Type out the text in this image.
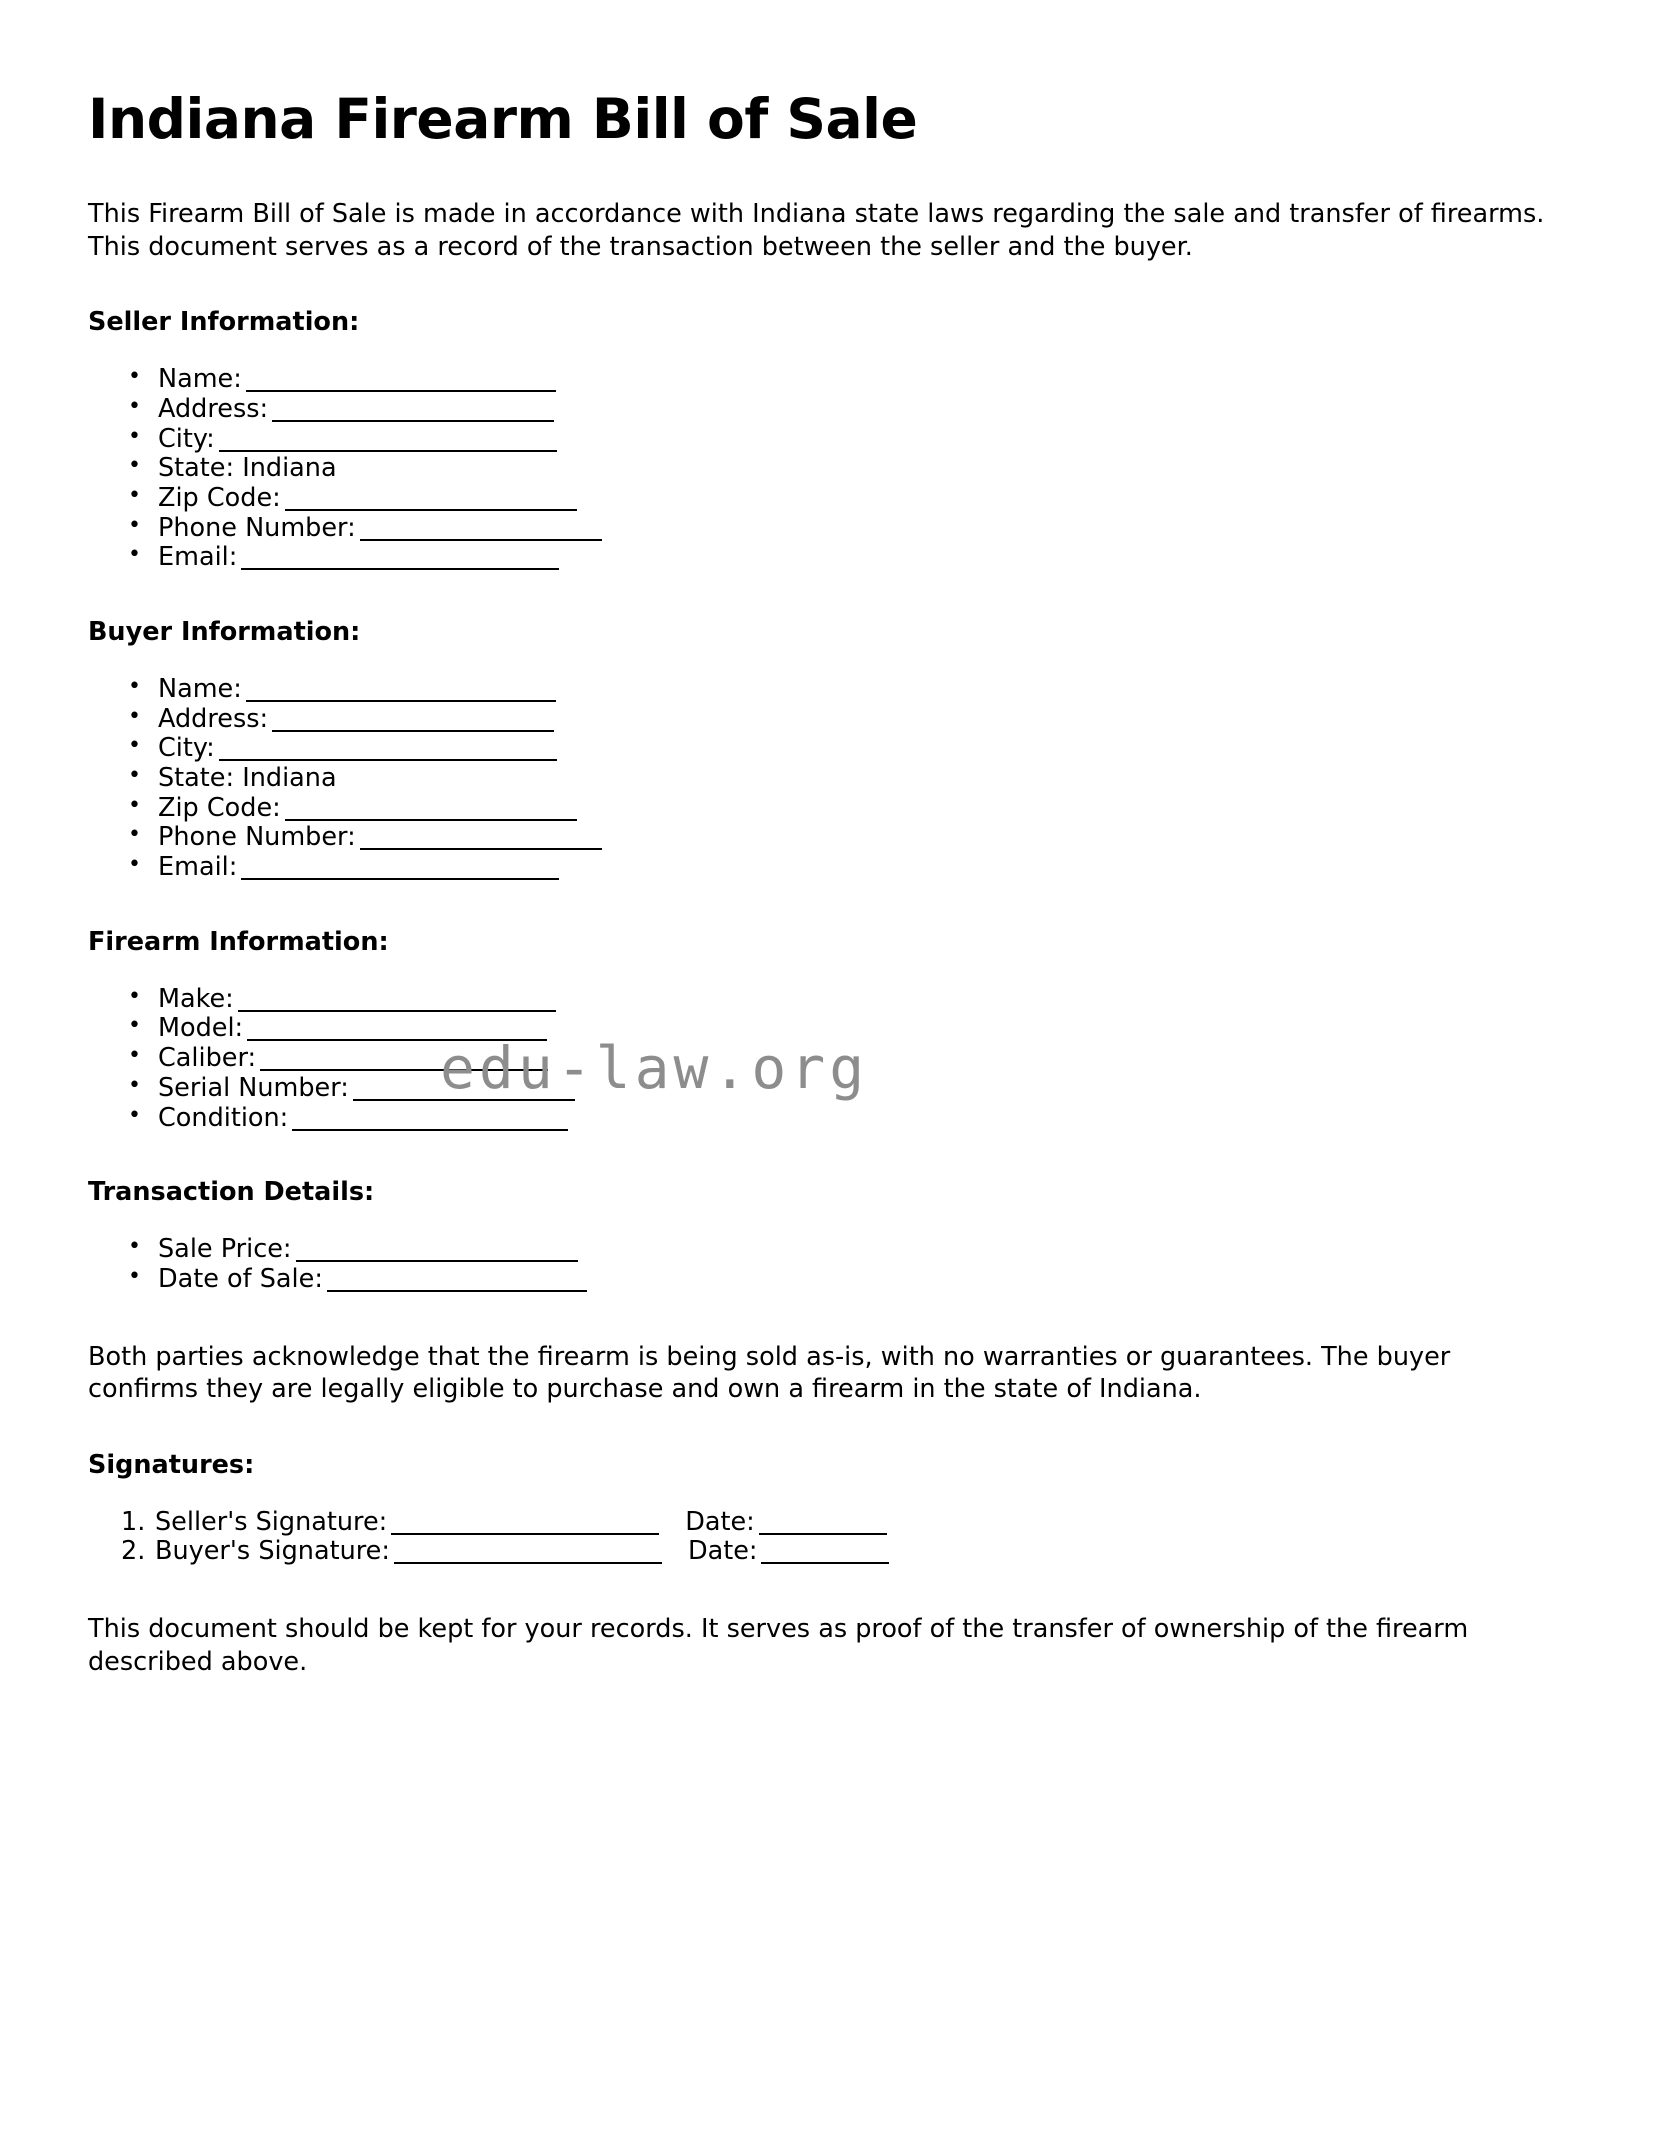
Indiana Firearm Bill of Sale

This Firearm Bill of Sale is made in accordance with Indiana state laws regarding the sale and transfer of firearms. This document serves as a record of the transaction between the seller and the buyer.

Seller Information:
• Name:
• Address:
• City:
• State: Indiana
• Zip Code:
• Phone Number:
• Email:
Buyer Information:
• Name:
• Address:
• City:
• State: Indiana
• Zip Code:
• Phone Number:
• Email:
Firearm Information:
• Make:
• Model:
• Caliber:
• Serial Number:
• Condition:
Transaction Details:
• Sale Price:
• Date of Sale:

Both parties acknowledge that the firearm is being sold as-is, with no warranties or guarantees. The buyer confirms they are legally eligible to purchase and own a firearm in the state of Indiana.

Signatures:
Seller's Signature:	Date:
Buyer's Signature:	Date:

This document should be kept for your records. It serves as proof of the transfer of ownership of the firearm described above.

edu-law.org
